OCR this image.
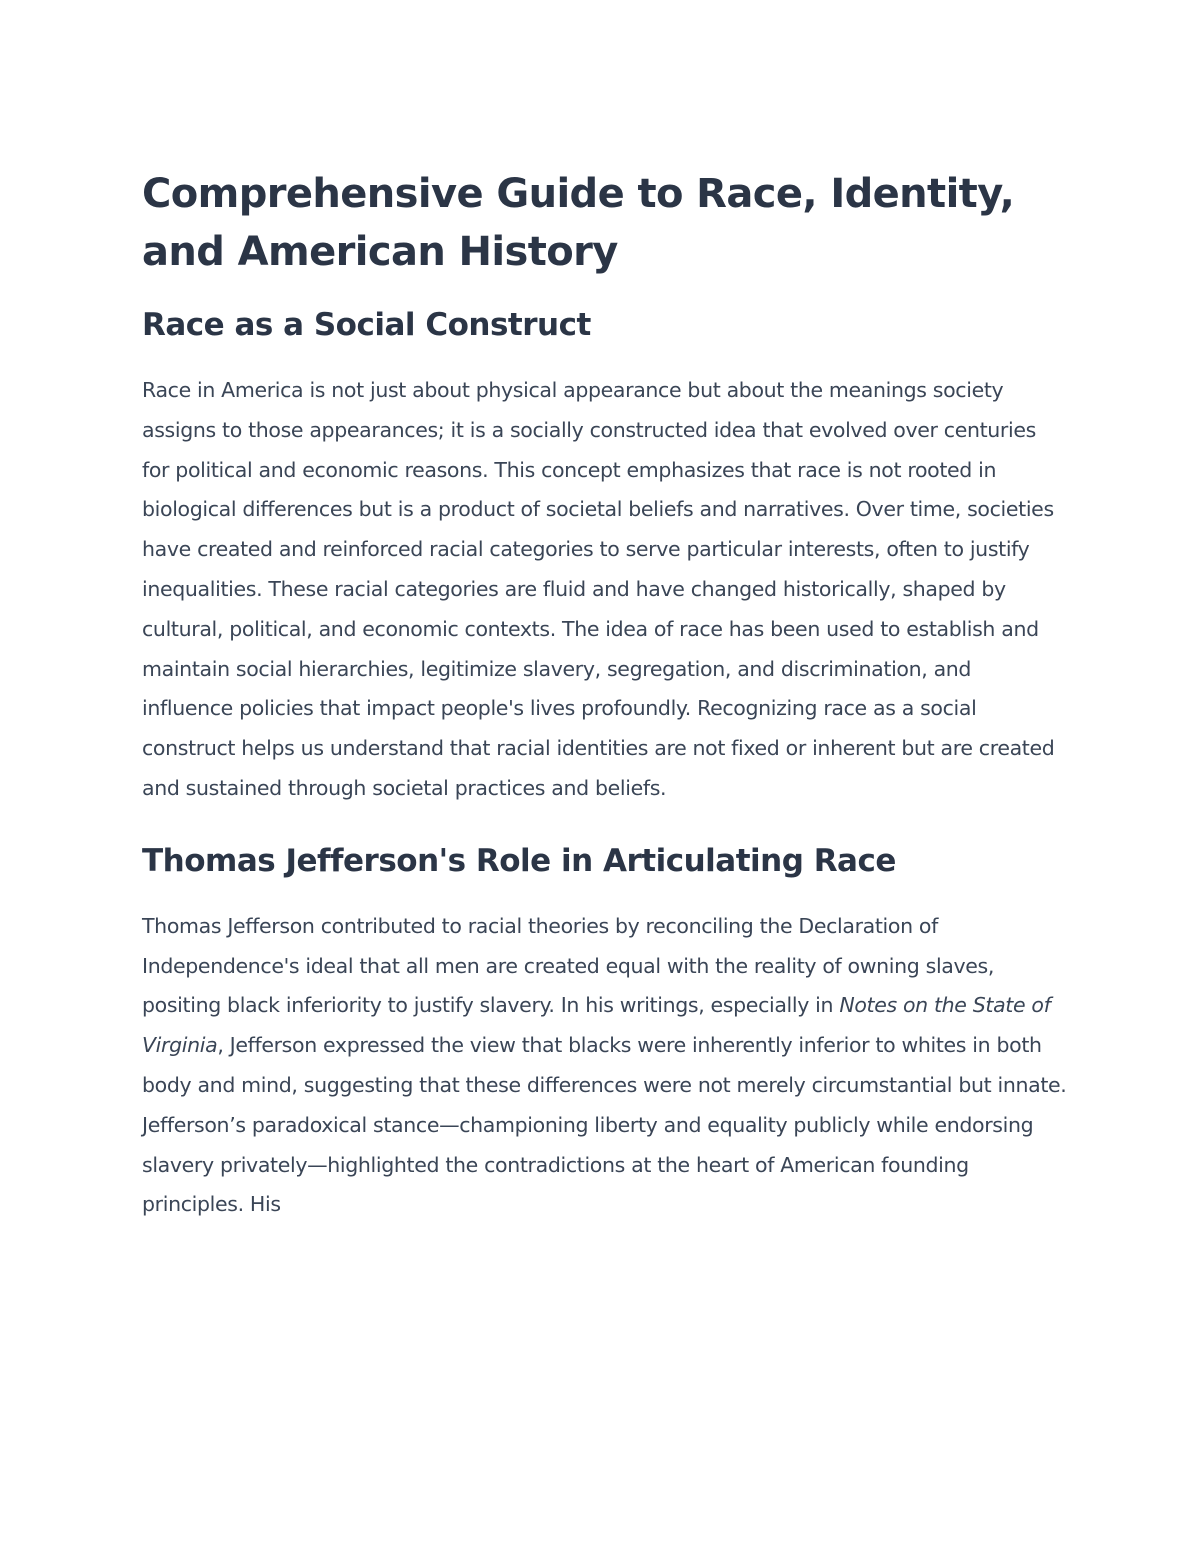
Comprehensive Guide to Race, Identity, and American History
Race as a Social Construct

Race in America is not just about physical appearance but about the meanings society assigns to those appearances; it is a socially constructed idea that evolved over centuries for political and economic reasons. This concept emphasizes that race is not rooted in biological differences but is a product of societal beliefs and narratives. Over time, societies have created and reinforced racial categories to serve particular interests, often to justify inequalities. These racial categories are fluid and have changed historically, shaped by cultural, political, and economic contexts. The idea of race has been used to establish and maintain social hierarchies, legitimize slavery, segregation, and discrimination, and influence policies that impact people's lives profoundly. Recognizing race as a social construct helps us understand that racial identities are not fixed or inherent but are created and sustained through societal practices and beliefs.

Thomas Jefferson's Role in Articulating Race

Thomas Jefferson contributed to racial theories by reconciling the Declaration of Independence's ideal that all men are created equal with the reality of owning slaves, positing black inferiority to justify slavery. In his writings, especially in Notes on the State of Virginia, Jefferson expressed the view that blacks were inherently inferior to whites in both body and mind, suggesting that these differences were not merely circumstantial but innate. Jefferson’s paradoxical stance—championing liberty and equality publicly while endorsing slavery privately—highlighted the contradictions at the heart of American founding principles. His
